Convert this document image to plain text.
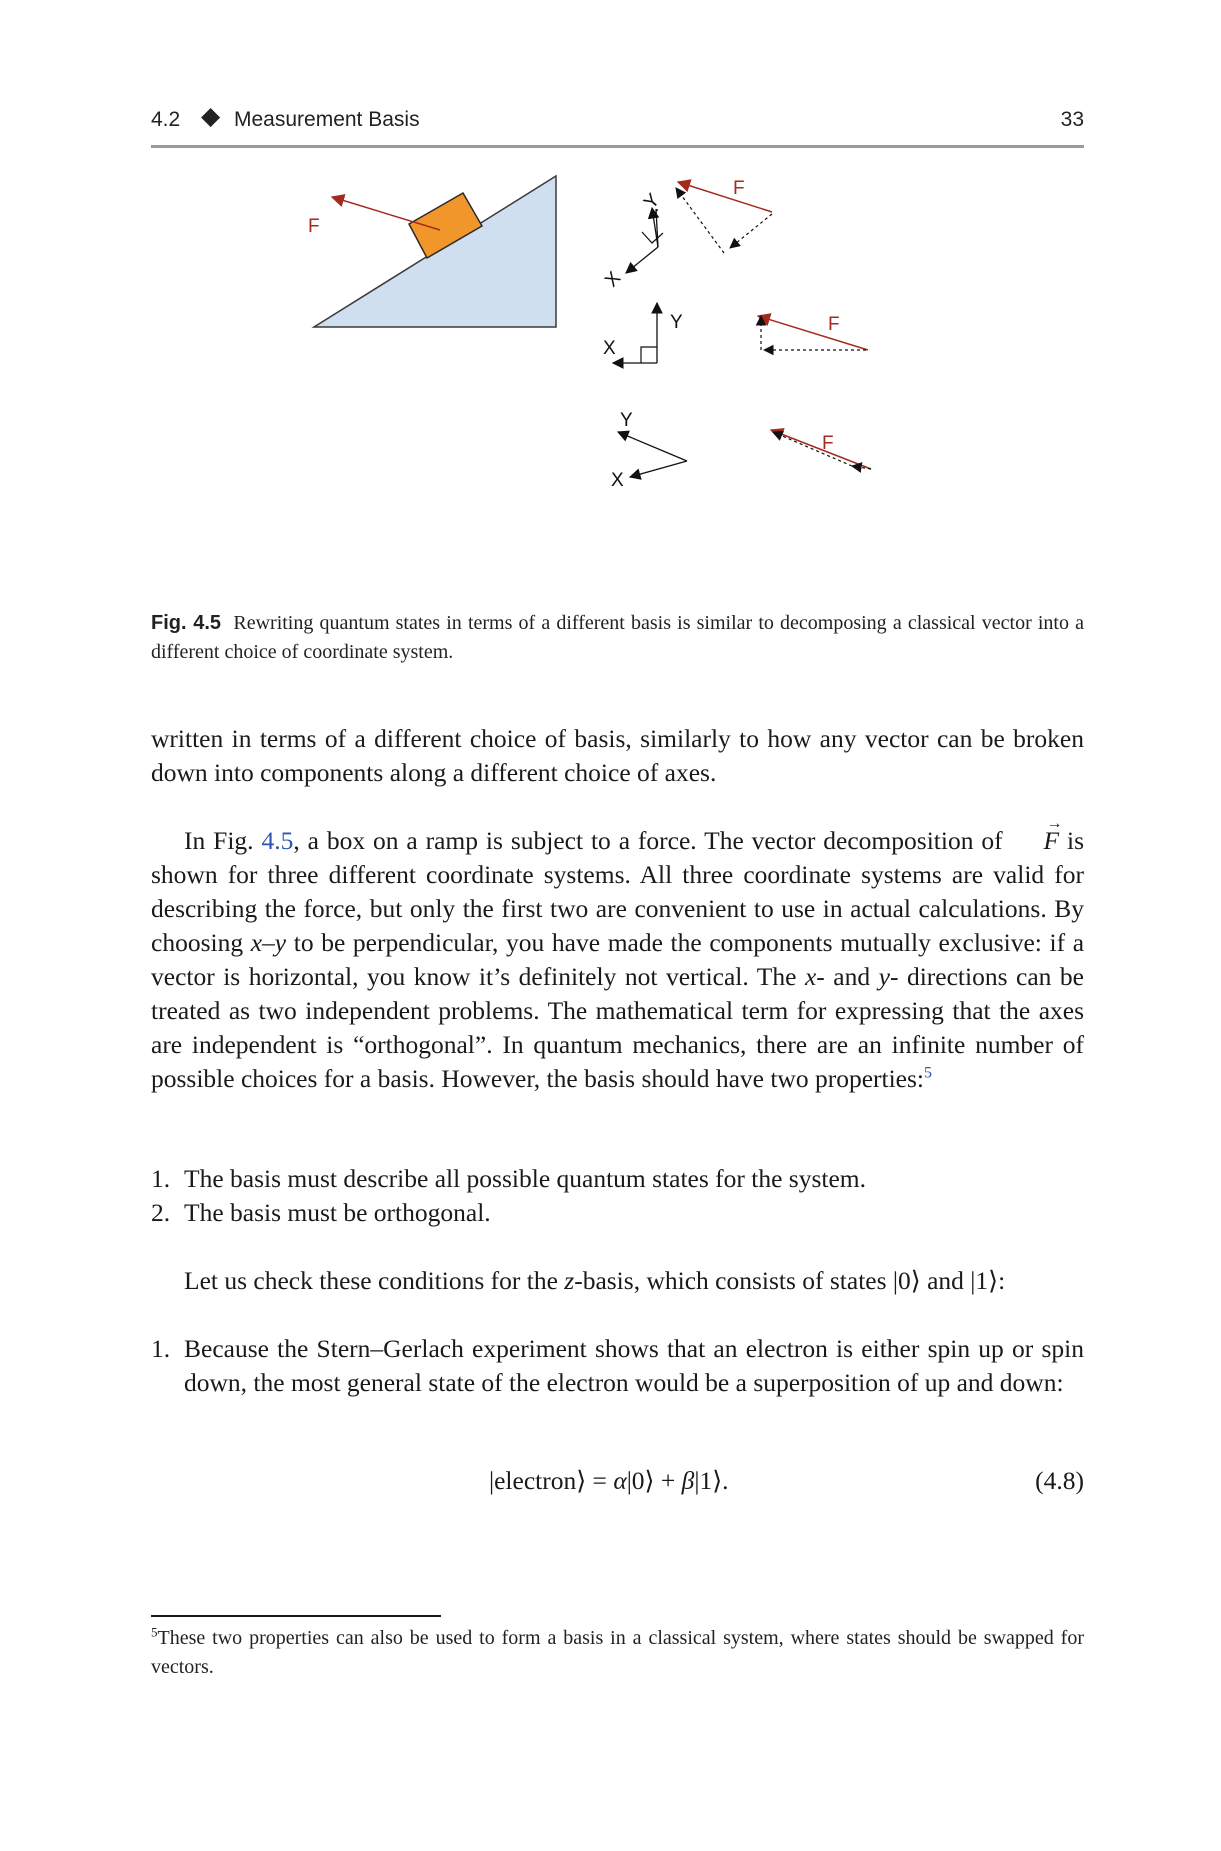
4.2 ◆ Measurement Basis	33
F
Y
X
F
Y
X
F
Y
X
F
Fig. 4.5 Rewriting quantum states in terms of a different basis is similar to decomposing a classical vector into a different choice of coordinate system.
written in terms of a different choice of basis, similarly to how any vector can be broken down into components along a different choice of axes.
In Fig. 4.5, a box on a ramp is subject to a force. The vector decomposition of
→
F is shown for three different coordinate systems. All three coordinate systems are valid for describing the force, but only the first two are convenient to use in actual calculations. By choosing x–y to be perpendicular, you have made the components mutually exclusive: if a vector is horizontal, you know it’s definitely not vertical. The x- and y- directions can be treated as two independent problems. The mathematical term for expressing that the axes are independent is “orthogonal”. In quantum mechanics, there are an infinite number of possible choices for a basis. However, the basis should have two properties:$^5$
1. The basis must describe all possible quantum states for the system.
2. The basis must be orthogonal.
Let us check these conditions for the z-basis, which consists of states |0⟩ and |1⟩:
1. Because the Stern–Gerlach experiment shows that an electron is either spin up or spin down, the most general state of the electron would be a superposition of up and down:
|electron⟩ = α|0⟩ + β|1⟩.	(4.8)
$^5$These two properties can also be used to form a basis in a classical system, where states should be swapped for vectors.
